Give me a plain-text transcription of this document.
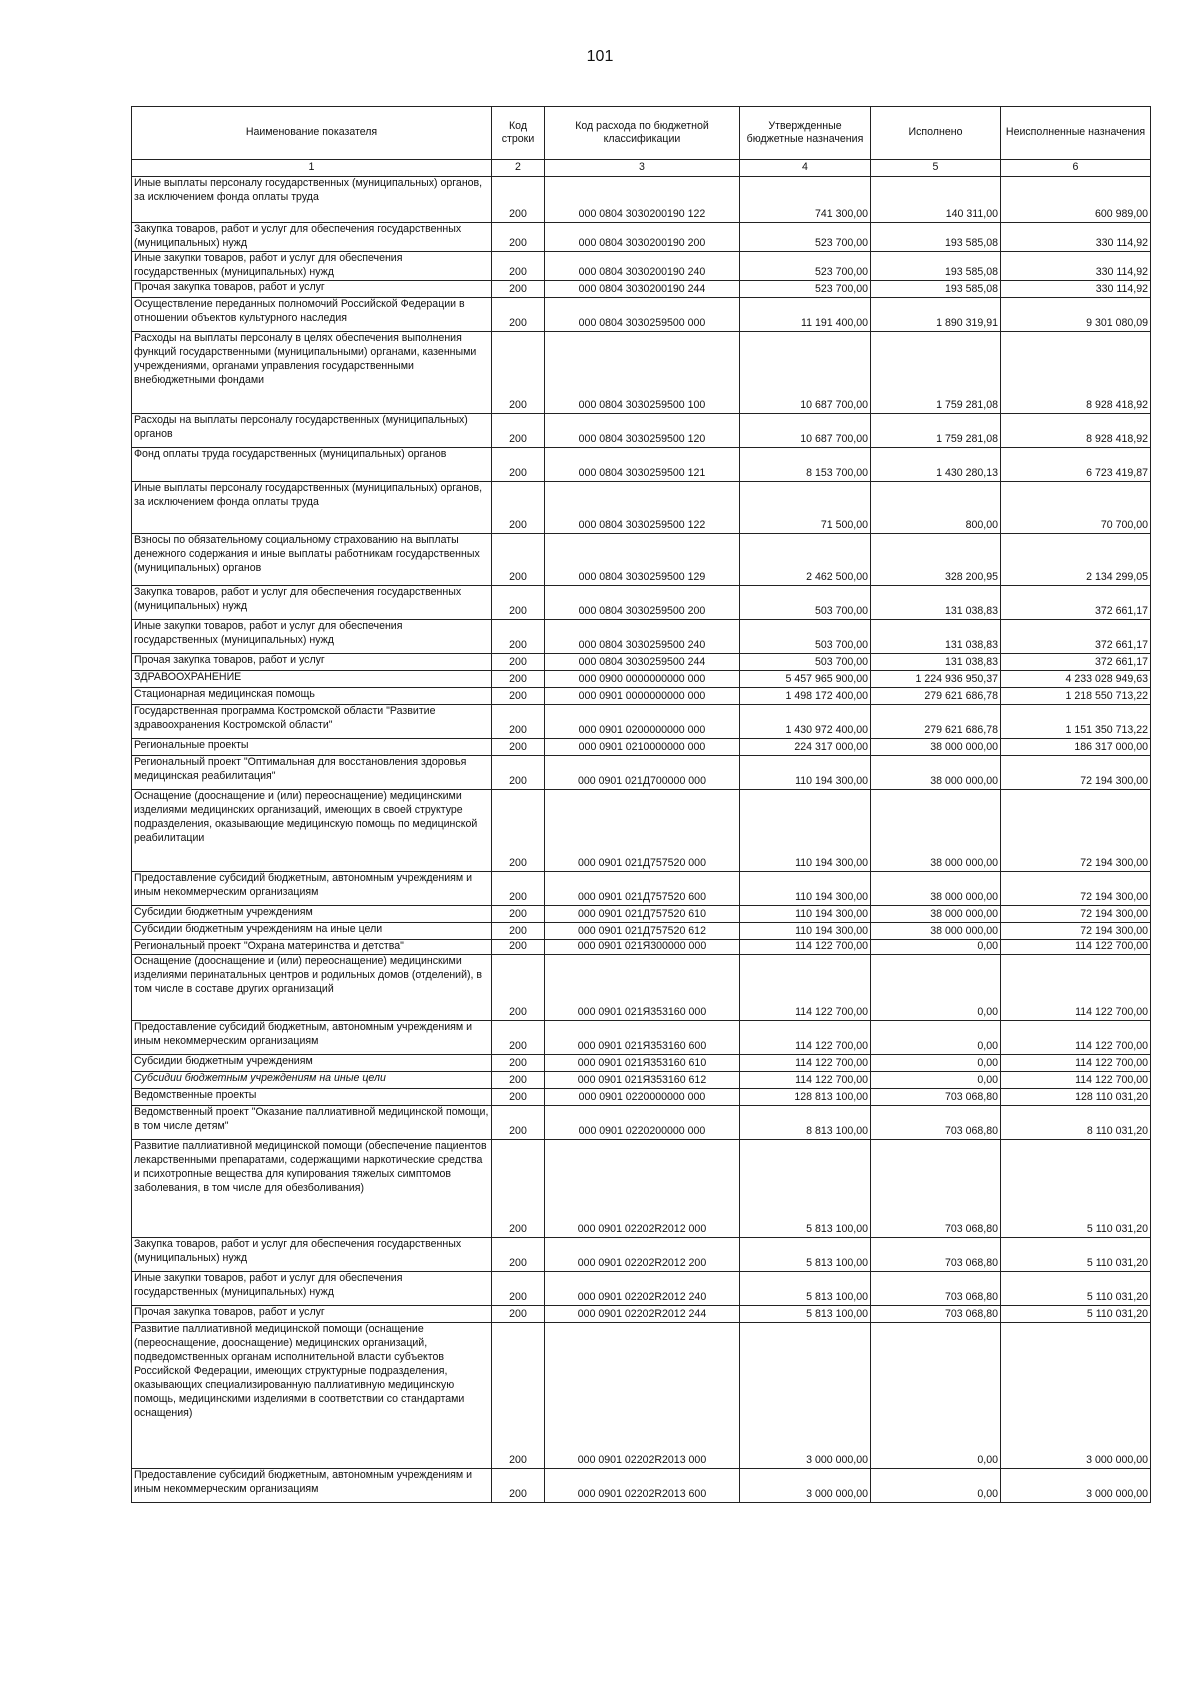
101
Наименование показателя	Код строки	Код расхода по бюджетной классификации	Утвержденные бюджетные назначения	Исполнено	Неисполненные назначения
1	2	3	4	5	6
Иные выплаты персоналу государственных (муниципальных) органов, за исключением фонда оплаты труда	200	000 0804 3030200190 122	741 300,00	140 311,00	600 989,00
Закупка товаров, работ и услуг для обеспечения государственных (муниципальных) нужд	200	000 0804 3030200190 200	523 700,00	193 585,08	330 114,92
Иные закупки товаров, работ и услуг для обеспечения государственных (муниципальных) нужд	200	000 0804 3030200190 240	523 700,00	193 585,08	330 114,92
Прочая закупка товаров, работ и услуг	200	000 0804 3030200190 244	523 700,00	193 585,08	330 114,92
Осуществление переданных полномочий Российской Федерации в отношении объектов культурного наследия	200	000 0804 3030259500 000	11 191 400,00	1 890 319,91	9 301 080,09
Расходы на выплаты персоналу в целях обеспечения выполнения функций государственными (муниципальными) органами, казенными учреждениями, органами управления государственными внебюджетными фондами	200	000 0804 3030259500 100	10 687 700,00	1 759 281,08	8 928 418,92
Расходы на выплаты персоналу государственных (муниципальных) органов	200	000 0804 3030259500 120	10 687 700,00	1 759 281,08	8 928 418,92
Фонд оплаты труда государственных (муниципальных) органов	200	000 0804 3030259500 121	8 153 700,00	1 430 280,13	6 723 419,87
Иные выплаты персоналу государственных (муниципальных) органов, за исключением фонда оплаты труда	200	000 0804 3030259500 122	71 500,00	800,00	70 700,00
Взносы по обязательному социальному страхованию на выплаты денежного содержания и иные выплаты работникам государственных (муниципальных) органов	200	000 0804 3030259500 129	2 462 500,00	328 200,95	2 134 299,05
Закупка товаров, работ и услуг для обеспечения государственных (муниципальных) нужд	200	000 0804 3030259500 200	503 700,00	131 038,83	372 661,17
Иные закупки товаров, работ и услуг для обеспечения государственных (муниципальных) нужд	200	000 0804 3030259500 240	503 700,00	131 038,83	372 661,17
Прочая закупка товаров, работ и услуг	200	000 0804 3030259500 244	503 700,00	131 038,83	372 661,17
ЗДРАВООХРАНЕНИЕ	200	000 0900 0000000000 000	5 457 965 900,00	1 224 936 950,37	4 233 028 949,63
Стационарная медицинская помощь	200	000 0901 0000000000 000	1 498 172 400,00	279 621 686,78	1 218 550 713,22
Государственная программа Костромской области "Развитие здравоохранения Костромской области"	200	000 0901 0200000000 000	1 430 972 400,00	279 621 686,78	1 151 350 713,22
Региональные проекты	200	000 0901 0210000000 000	224 317 000,00	38 000 000,00	186 317 000,00
Региональный проект "Оптимальная для восстановления здоровья медицинская реабилитация"	200	000 0901 021Д700000 000	110 194 300,00	38 000 000,00	72 194 300,00
Оснащение (дооснащение и (или) переоснащение) медицинскими изделиями медицинских организаций, имеющих в своей структуре подразделения, оказывающие медицинскую помощь по медицинской реабилитации	200	000 0901 021Д757520 000	110 194 300,00	38 000 000,00	72 194 300,00
Предоставление субсидий бюджетным, автономным учреждениям и иным некоммерческим организациям	200	000 0901 021Д757520 600	110 194 300,00	38 000 000,00	72 194 300,00
Субсидии бюджетным учреждениям	200	000 0901 021Д757520 610	110 194 300,00	38 000 000,00	72 194 300,00
Субсидии бюджетным учреждениям на иные цели	200	000 0901 021Д757520 612	110 194 300,00	38 000 000,00	72 194 300,00
Региональный проект "Охрана материнства и детства"	200	000 0901 021Я300000 000	114 122 700,00	0,00	114 122 700,00
Оснащение (дооснащение и (или) переоснащение) медицинскими изделиями перинатальных центров и родильных домов (отделений), в том числе в составе других организаций	200	000 0901 021Я353160 000	114 122 700,00	0,00	114 122 700,00
Предоставление субсидий бюджетным, автономным учреждениям и иным некоммерческим организациям	200	000 0901 021Я353160 600	114 122 700,00	0,00	114 122 700,00
Субсидии бюджетным учреждениям	200	000 0901 021Я353160 610	114 122 700,00	0,00	114 122 700,00
Субсидии бюджетным учреждениям на иные цели	200	000 0901 021Я353160 612	114 122 700,00	0,00	114 122 700,00
Ведомственные проекты	200	000 0901 0220000000 000	128 813 100,00	703 068,80	128 110 031,20
Ведомственный проект "Оказание паллиативной медицинской помощи, в том числе детям"	200	000 0901 0220200000 000	8 813 100,00	703 068,80	8 110 031,20
Развитие паллиативной медицинской помощи (обеспечение пациентов лекарственными препаратами, содержащими наркотические средства и психотропные вещества для купирования тяжелых симптомов заболевания, в том числе для обезболивания)	200	000 0901 02202R2012 000	5 813 100,00	703 068,80	5 110 031,20
Закупка товаров, работ и услуг для обеспечения государственных (муниципальных) нужд	200	000 0901 02202R2012 200	5 813 100,00	703 068,80	5 110 031,20
Иные закупки товаров, работ и услуг для обеспечения государственных (муниципальных) нужд	200	000 0901 02202R2012 240	5 813 100,00	703 068,80	5 110 031,20
Прочая закупка товаров, работ и услуг	200	000 0901 02202R2012 244	5 813 100,00	703 068,80	5 110 031,20
Развитие паллиативной медицинской помощи (оснащение (переоснащение, дооснащение) медицинских организаций, подведомственных органам исполнительной власти субъектов Российской Федерации, имеющих структурные подразделения, оказывающих специализированную паллиативную медицинскую помощь, медицинскими изделиями в соответствии со стандартами оснащения)	200	000 0901 02202R2013 000	3 000 000,00	0,00	3 000 000,00
Предоставление субсидий бюджетным, автономным учреждениям и иным некоммерческим организациям	200	000 0901 02202R2013 600	3 000 000,00	0,00	3 000 000,00
